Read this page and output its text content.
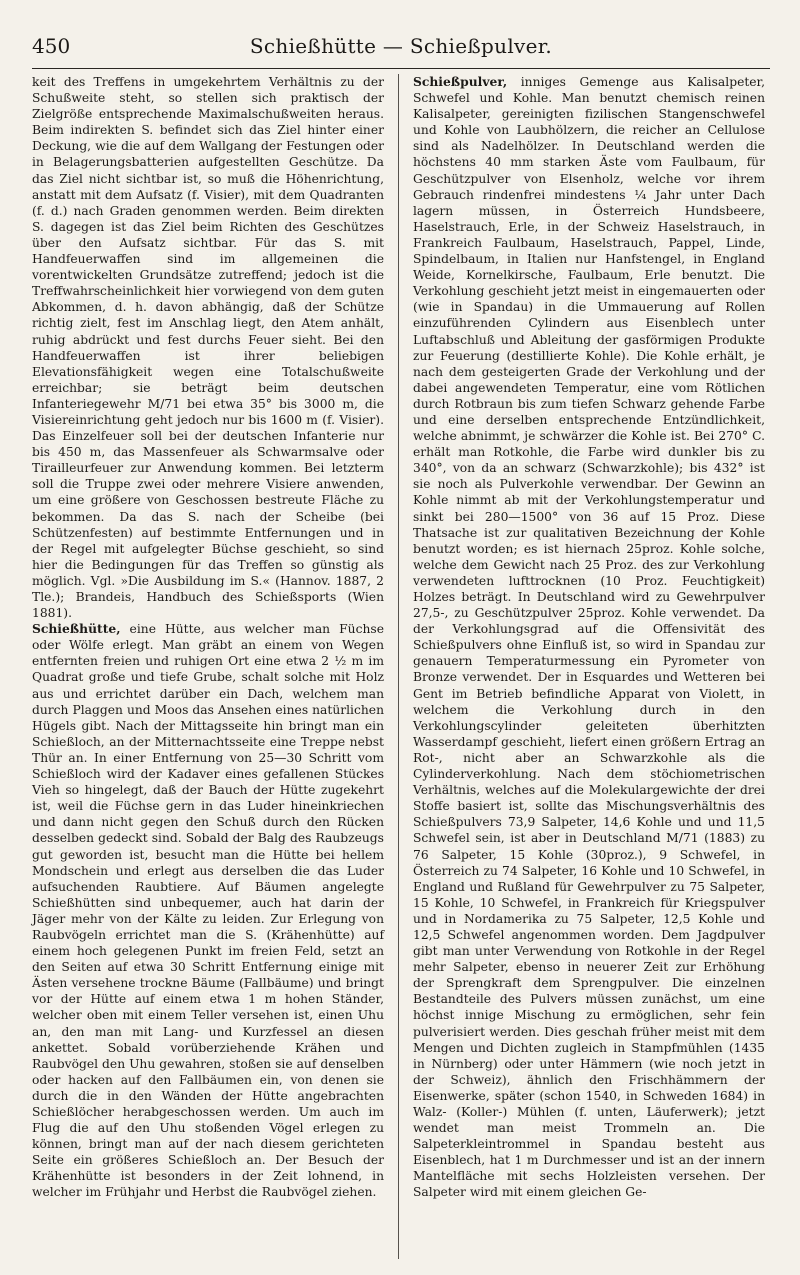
450	Schießhütte — Schießpulver.

keit des Treffens in umgekehrtem Verhältnis zu der Schußweite steht, so stellen sich praktisch der Zielgröße entsprechende Maximalschußweiten heraus. Beim indirekten S. befindet sich das Ziel hinter einer Deckung, wie die auf dem Wallgang der Festungen oder in Belagerungsbatterien aufgestellten Geschütze. Da das Ziel nicht sichtbar ist, so muß die Höhenrichtung, anstatt mit dem Aufsatz (f. Visier), mit dem Quadranten (f. d.) nach Graden genommen werden. Beim direkten S. dagegen ist das Ziel beim Richten des Geschützes über den Aufsatz sichtbar. Für das S. mit Handfeuerwaffen sind im allgemeinen die vorentwickelten Grundsätze zutreffend; jedoch ist die Treffwahrscheinlichkeit hier vorwiegend von dem guten Abkommen, d. h. davon abhängig, daß der Schütze richtig zielt, fest im Anschlag liegt, den Atem anhält, ruhig abdrückt und fest durchs Feuer sieht. Bei den Handfeuerwaffen ist ihrer beliebigen Elevationsfähigkeit wegen eine Totalschußweite erreichbar; sie beträgt beim deutschen Infanteriegewehr M/71 bei etwa 35° bis 3000 m, die Visiereinrichtung geht jedoch nur bis 1600 m (f. Visier). Das Einzelfeuer soll bei der deutschen Infanterie nur bis 450 m, das Massenfeuer als Schwarmsalve oder Tirailleurfeuer zur Anwendung kommen. Bei letzterm soll die Truppe zwei oder mehrere Visiere anwenden, um eine größere von Geschossen bestreute Fläche zu bekommen. Da das S. nach der Scheibe (bei Schützenfesten) auf bestimmte Entfernungen und in der Regel mit aufgelegter Büchse geschieht, so sind hier die Bedingungen für das Treffen so günstig als möglich. Vgl. »Die Ausbildung im S.« (Hannov. 1887, 2 Tle.); Brandeis, Handbuch des Schießsports (Wien 1881).

Schießhütte, eine Hütte, aus welcher man Füchse oder Wölfe erlegt. Man gräbt an einem von Wegen entfernten freien und ruhigen Ort eine etwa 2 ½ m im Quadrat große und tiefe Grube, schalt solche mit Holz aus und errichtet darüber ein Dach, welchem man durch Plaggen und Moos das Ansehen eines natürlichen Hügels gibt. Nach der Mittagsseite hin bringt man ein Schießloch, an der Mitternachtsseite eine Treppe nebst Thür an. In einer Entfernung von 25—30 Schritt vom Schießloch wird der Kadaver eines gefallenen Stückes Vieh so hingelegt, daß der Bauch der Hütte zugekehrt ist, weil die Füchse gern in das Luder hineinkriechen und dann nicht gegen den Schuß durch den Rücken desselben gedeckt sind. Sobald der Balg des Raubzeugs gut geworden ist, besucht man die Hütte bei hellem Mondschein und erlegt aus derselben die das Luder aufsuchenden Raubtiere. Auf Bäumen angelegte Schießhütten sind unbequemer, auch hat darin der Jäger mehr von der Kälte zu leiden. Zur Erlegung von Raubvögeln errichtet man die S. (Krähenhütte) auf einem hoch gelegenen Punkt im freien Feld, setzt an den Seiten auf etwa 30 Schritt Entfernung einige mit Ästen versehene trockne Bäume (Fallbäume) und bringt vor der Hütte auf einem etwa 1 m hohen Ständer, welcher oben mit einem Teller versehen ist, einen Uhu an, den man mit Lang- und Kurzfessel an diesen ankettet. Sobald vorüberziehende Krähen und Raubvögel den Uhu gewahren, stoßen sie auf denselben oder hacken auf den Fallbäumen ein, von denen sie durch die in den Wänden der Hütte angebrachten Schießlöcher herabgeschossen werden. Um auch im Flug die auf den Uhu stoßenden Vögel erlegen zu können, bringt man auf der nach diesem gerichteten Seite ein größeres Schießloch an. Der Besuch der Krähenhütte ist besonders in der Zeit lohnend, in welcher im Frühjahr und Herbst die Raubvögel ziehen.

Schießpulver, inniges Gemenge aus Kalisalpeter, Schwefel und Kohle. Man benutzt chemisch reinen Kalisalpeter, gereinigten fizilischen Stangenschwefel und Kohle von Laubhölzern, die reicher an Cellulose sind als Nadelhölzer. In Deutschland werden die höchstens 40 mm starken Äste vom Faulbaum, für Geschützpulver von Elsenholz, welche vor ihrem Gebrauch rindenfrei mindestens ¼ Jahr unter Dach lagern müssen, in Österreich Hundsbeere, Haselstrauch, Erle, in der Schweiz Haselstrauch, in Frankreich Faulbaum, Haselstrauch, Pappel, Linde, Spindelbaum, in Italien nur Hanfstengel, in England Weide, Kornelkirsche, Faulbaum, Erle benutzt. Die Verkohlung geschieht jetzt meist in eingemauerten oder (wie in Spandau) in die Ummauerung auf Rollen einzuführenden Cylindern aus Eisenblech unter Luftabschluß und Ableitung der gasförmigen Produkte zur Feuerung (destillierte Kohle). Die Kohle erhält, je nach dem gesteigerten Grade der Verkohlung und der dabei angewendeten Temperatur, eine vom Rötlichen durch Rotbraun bis zum tiefen Schwarz gehende Farbe und eine derselben entsprechende Entzündlichkeit, welche abnimmt, je schwärzer die Kohle ist. Bei 270° C. erhält man Rotkohle, die Farbe wird dunkler bis zu 340°, von da an schwarz (Schwarzkohle); bis 432° ist sie noch als Pulverkohle verwendbar. Der Gewinn an Kohle nimmt ab mit der Verkohlungstemperatur und sinkt bei 280—1500° von 36 auf 15 Proz. Diese Thatsache ist zur qualitativen Bezeichnung der Kohle benutzt worden; es ist hiernach 25proz. Kohle solche, welche dem Gewicht nach 25 Proz. des zur Verkohlung verwendeten lufttrocknen (10 Proz. Feuchtigkeit) Holzes beträgt. In Deutschland wird zu Gewehrpulver 27,5-, zu Geschützpulver 25proz. Kohle verwendet. Da der Verkohlungsgrad auf die Offensivität des Schießpulvers ohne Einfluß ist, so wird in Spandau zur genauern Temperaturmessung ein Pyrometer von Bronze verwendet. Der in Esquardes und Wetteren bei Gent im Betrieb befindliche Apparat von Violett, in welchem die Verkohlung durch in den Verkohlungscylinder geleiteten überhitzten Wasserdampf geschieht, liefert einen größern Ertrag an Rot-, nicht aber an Schwarzkohle als die Cylinderverkohlung. Nach dem stöchiometrischen Verhältnis, welches auf die Molekulargewichte der drei Stoffe basiert ist, sollte das Mischungsverhältnis des Schießpulvers 73,9 Salpeter, 14,6 Kohle und und 11,5 Schwefel sein, ist aber in Deutschland M/71 (1883) zu 76 Salpeter, 15 Kohle (30proz.), 9 Schwefel, in Österreich zu 74 Salpeter, 16 Kohle und 10 Schwefel, in England und Rußland für Gewehrpulver zu 75 Salpeter, 15 Kohle, 10 Schwefel, in Frankreich für Kriegspulver und in Nordamerika zu 75 Salpeter, 12,5 Kohle und 12,5 Schwefel angenommen worden. Dem Jagdpulver gibt man unter Verwendung von Rotkohle in der Regel mehr Salpeter, ebenso in neuerer Zeit zur Erhöhung der Sprengkraft dem Sprengpulver. Die einzelnen Bestandteile des Pulvers müssen zunächst, um eine höchst innige Mischung zu ermöglichen, sehr fein pulverisiert werden. Dies geschah früher meist mit dem Mengen und Dichten zugleich in Stampfmühlen (1435 in Nürnberg) oder unter Hämmern (wie noch jetzt in der Schweiz), ähnlich den Frischhämmern der Eisenwerke, später (schon 1540, in Schweden 1684) in Walz- (Koller-) Mühlen (f. unten, Läuferwerk); jetzt wendet man meist Trommeln an. Die Salpeterkleintrommel in Spandau besteht aus Eisenblech, hat 1 m Durchmesser und ist an der innern Mantelfläche mit sechs Holzleisten versehen. Der Salpeter wird mit einem gleichen Ge-
